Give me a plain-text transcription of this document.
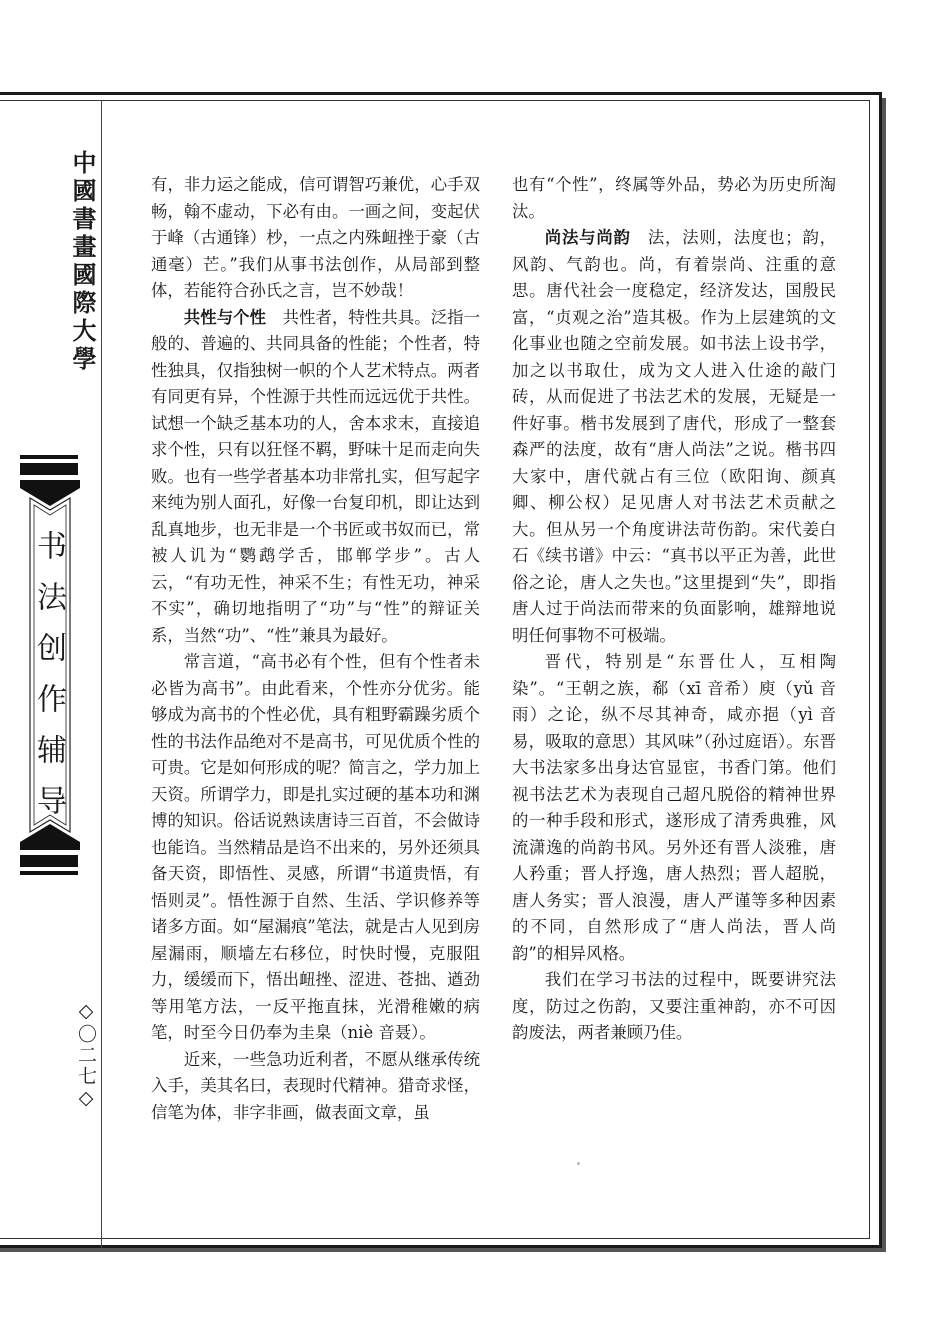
中國書畫國際大學
书法创作辅导
◇〇二七◇

有，非力运之能成，信可谓智巧兼优，心手双畅，翰不虚动，下必有由。一画之间，变起伏于峰（古通锋）杪，一点之内殊衄挫于豪（古通毫）芒。”我们从事书法创作，从局部到整体，若能符合孙氏之言，岂不妙哉！

共性与个性　 共性者，特性共具。泛指一般的、普遍的、共同具备的性能；个性者，特性独具，仅指独树一帜的个人艺术特点。两者有同更有异，个性源于共性而远远优于共性。试想一个缺乏基本功的人，舍本求末，直接追求个性，只有以狂怪不羁，野味十足而走向失败。也有一些学者基本功非常扎实，但写起字来纯为别人面孔，好像一台复印机，即让达到乱真地步，也无非是一个书匠或书奴而已，常被人讥为“鹦鹉学舌，邯郸学步”。古人云，“有功无性，神采不生；有性无功，神采不实”，确切地指明了“功”与“性”的辩证关系，当然“功”、“性”兼具为最好。

常言道，“高书必有个性，但有个性者未必皆为高书”。由此看来，个性亦分优劣。能够成为高书的个性必优，具有粗野霸躁劣质个性的书法作品绝对不是高书，可见优质个性的可贵。它是如何形成的呢？简言之，学力加上天资。所谓学力，即是扎实过硬的基本功和渊博的知识。俗话说熟读唐诗三百首，不会做诗也能诌。当然精品是诌不出来的，另外还须具备天资，即悟性、灵感，所谓“书道贵悟，有悟则灵”。悟性源于自然、生活、学识修养等诸多方面。如“屋漏痕”笔法，就是古人见到房屋漏雨，顺墙左右移位，时快时慢，克服阻力，缓缓而下，悟出衄挫、涩进、苍拙、遒劲等用笔方法，一反平拖直抹，光滑稚嫩的病笔，时至今日仍奉为圭臬（niè 音聂）。

近来，一些急功近利者，不愿从继承传统入手，美其名曰，表现时代精神。猎奇求怪，信笔为体，非字非画，做表面文章，虽

也有“个性”，终属等外品，势必为历史所淘汰。

尚法与尚韵　 法，法则，法度也；韵，风韵、气韵也。尚，有着崇尚、注重的意思。唐代社会一度稳定，经济发达，国殷民富，“贞观之治”造其极。作为上层建筑的文化事业也随之空前发展。如书法上设书学，加之以书取仕，成为文人进入仕途的敲门砖，从而促进了书法艺术的发展，无疑是一件好事。楷书发展到了唐代，形成了一整套森严的法度，故有“唐人尚法”之说。楷书四大家中，唐代就占有三位（欧阳询、颜真卿、柳公权）足见唐人对书法艺术贡献之大。但从另一个角度讲法苛伤韵。宋代姜白石《续书谱》中云：“真书以平正为善，此世俗之论，唐人之失也。”这里提到“失”，即指唐人过于尚法而带来的负面影响，雄辩地说明任何事物不可极端。

晋代，特别是“东晋仕人，互相陶染”。“王朝之族，郗（xī 音希）庾（yǔ 音雨）之论，纵不尽其神奇，咸亦挹（yì 音易，吸取的意思）其风味”（孙过庭语）。东晋大书法家多出身达官显宦，书香门第。他们视书法艺术为表现自己超凡脱俗的精神世界的一种手段和形式，遂形成了清秀典雅，风流潇逸的尚韵书风。另外还有晋人淡雅，唐人矜重；晋人抒逸，唐人热烈；晋人超脱，唐人务实；晋人浪漫，唐人严谨等多种因素的不同，自然形成了“唐人尚法，晋人尚韵”的相异风格。

我们在学习书法的过程中，既要讲究法度，防过之伤韵，又要注重神韵，亦不可因韵废法，两者兼顾乃佳。
